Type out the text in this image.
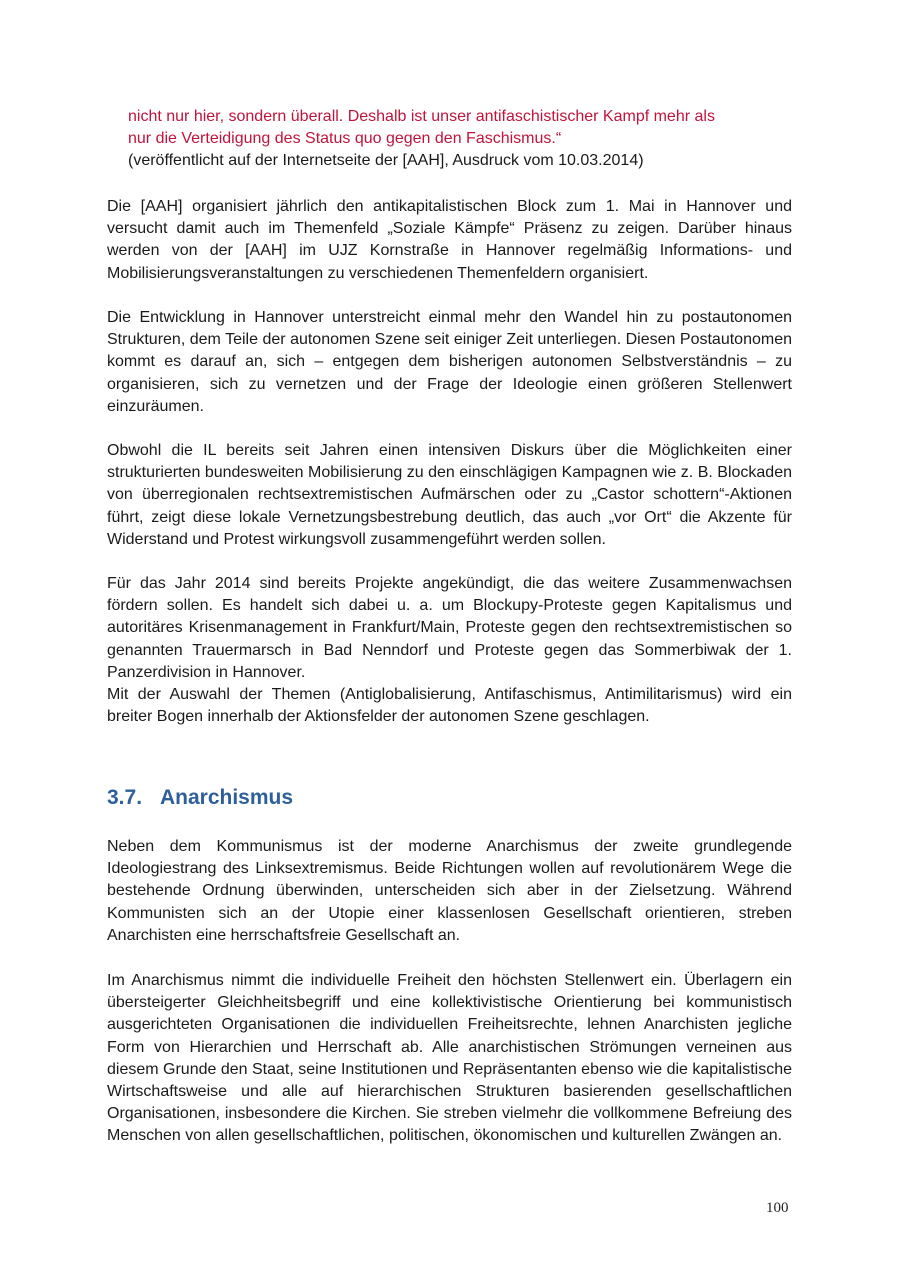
nicht nur hier, sondern überall. Deshalb ist unser antifaschistischer Kampf mehr als

nur die Verteidigung des Status quo gegen den Faschismus.“

(veröffentlicht auf der Internetseite der [AAH], Ausdruck vom 10.03.2014)

Die [AAH] organisiert jährlich den antikapitalistischen Block zum 1. Mai in Hannover und versucht damit auch im Themenfeld „Soziale Kämpfe“ Präsenz zu zeigen. Darüber hinaus werden von der [AAH] im UJZ Kornstraße in Hannover regelmäßig Informations- und Mobilisierungsveranstaltungen zu verschiedenen Themenfeldern organisiert.

Die Entwicklung in Hannover unterstreicht einmal mehr den Wandel hin zu postautonomen Strukturen, dem Teile der autonomen Szene seit einiger Zeit unterliegen. Diesen Postautonomen kommt es darauf an, sich – entgegen dem bisherigen autonomen Selbstverständnis – zu organisieren, sich zu vernetzen und der Frage der Ideologie einen größeren Stellenwert einzuräumen.

Obwohl die IL bereits seit Jahren einen intensiven Diskurs über die Möglichkeiten einer strukturierten bundesweiten Mobilisierung zu den einschlägigen Kampagnen wie z. B. Blockaden von überregionalen rechtsextremistischen Aufmärschen oder zu „Castor schottern“-Aktionen führt, zeigt diese lokale Vernetzungsbestrebung deutlich, das auch „vor Ort“ die Akzente für Widerstand und Protest wirkungsvoll zusammengeführt werden sollen.

Für das Jahr 2014 sind bereits Projekte angekündigt, die das weitere Zusammenwachsen fördern sollen. Es handelt sich dabei u. a. um Blockupy-Proteste gegen Kapitalismus und autoritäres Krisenmanagement in Frankfurt/Main, Proteste gegen den rechtsextremistischen so genannten Trauermarsch in Bad Nenndorf und Proteste gegen das Sommerbiwak der 1. Panzerdivision in Hannover.

Mit der Auswahl der Themen (Antiglobalisierung, Antifaschismus, Antimilitarismus) wird ein breiter Bogen innerhalb der Aktionsfelder der autonomen Szene geschlagen.

3.7. Anarchismus

Neben dem Kommunismus ist der moderne Anarchismus der zweite grundlegende Ideologiestrang des Linksextremismus. Beide Richtungen wollen auf revolutionärem Wege die bestehende Ordnung überwinden, unterscheiden sich aber in der Zielsetzung. Während Kommunisten sich an der Utopie einer klassenlosen Gesellschaft orientieren, streben Anarchisten eine herrschaftsfreie Gesellschaft an.

Im Anarchismus nimmt die individuelle Freiheit den höchsten Stellenwert ein. Überlagern ein übersteigerter Gleichheitsbegriff und eine kollektivistische Orientierung bei kommunistisch ausgerichteten Organisationen die individuellen Freiheitsrechte, lehnen Anarchisten jegliche Form von Hierarchien und Herrschaft ab. Alle anarchistischen Strömungen verneinen aus diesem Grunde den Staat, seine Institutionen und Repräsentanten ebenso wie die kapitalistische Wirtschaftsweise und alle auf hierarchischen Strukturen basierenden gesellschaftlichen Organisationen, insbesondere die Kirchen. Sie streben vielmehr die vollkommene Befreiung des Menschen von allen gesellschaftlichen, politischen, ökonomischen und kulturellen Zwängen an.

100
